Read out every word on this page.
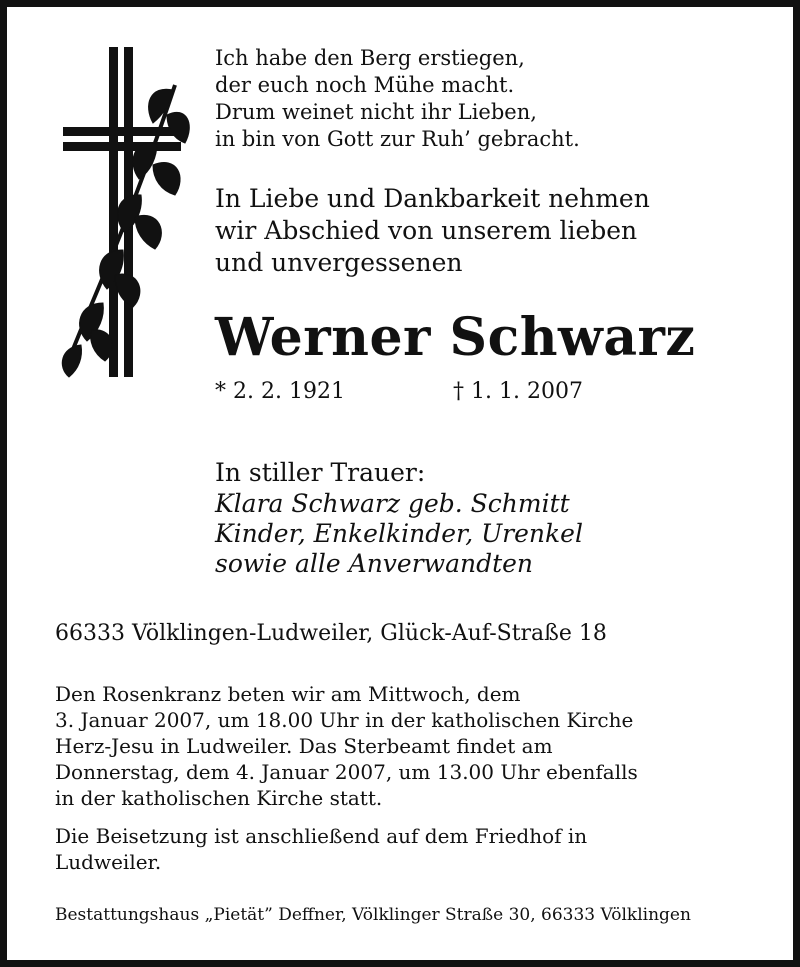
Ich habe den Berg erstiegen,
der euch noch Mühe macht.
Drum weinet nicht ihr Lieben,
in bin von Gott zur Ruh’ gebracht.
In Liebe und Dankbarkeit nehmen
wir Abschied von unserem lieben
und unvergessenen
Werner Schwarz
* 2. 2. 1921	† 1. 1. 2007
In stiller Trauer:
Klara Schwarz geb. Schmitt
Kinder, Enkelkinder, Urenkel
sowie alle Anverwandten
66333 Völklingen-Ludweiler, Glück-Auf-Straße 18
Den Rosenkranz beten wir am Mittwoch, dem
3. Januar 2007, um 18.00 Uhr in der katholischen Kirche
Herz-Jesu in Ludweiler. Das Sterbeamt findet am
Donnerstag, dem 4. Januar 2007, um 13.00 Uhr ebenfalls
in der katholischen Kirche statt.
Die Beisetzung ist anschließend auf dem Friedhof in
Ludweiler.
Bestattungshaus „Pietät” Deffner, Völklinger Straße 30, 66333 Völklingen
